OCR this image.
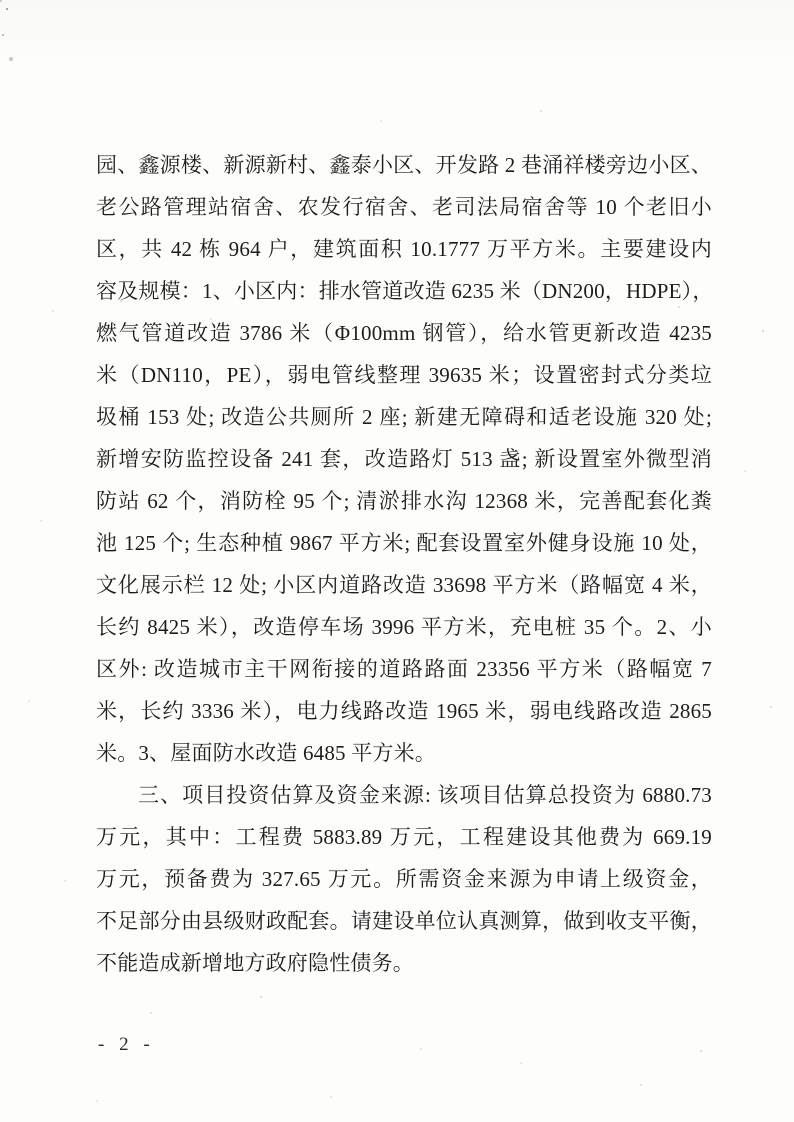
园、鑫源楼、新源新村、鑫泰小区、开发路 2 巷涌祥楼旁边小区、
老公路管理站宿舍、农发行宿舍、老司法局宿舍等 10 个老旧小
区，共 42 栋 964 户，建筑面积 10.1777 万平方米。主要建设内
容及规模：1、小区内：排水管道改造 6235 米（DN200，HDPE），
燃气管道改造 3786 米（Φ100mm 钢管），给水管更新改造 4235
米（DN110，PE），弱电管线整理 39635 米；设置密封式分类垃
圾桶 153 处; 改造公共厕所 2 座; 新建无障碍和适老设施 320 处;
新增安防监控设备 241 套，改造路灯 513 盏; 新设置室外微型消
防站 62 个，消防栓 95 个; 清淤排水沟 12368 米，完善配套化粪
池 125 个; 生态种植 9867 平方米; 配套设置室外健身设施 10 处，
文化展示栏 12 处; 小区内道路改造 33698 平方米（路幅宽 4 米，
长约 8425 米），改造停车场 3996 平方米，充电桩 35 个。2、小
区外: 改造城市主干网衔接的道路路面 23356 平方米（路幅宽 7
米，长约 3336 米），电力线路改造 1965 米，弱电线路改造 2865
米。3、屋面防水改造 6485 平方米。
三、项目投资估算及资金来源: 该项目估算总投资为 6880.73
万元，其中：工程费 5883.89 万元，工程建设其他费为 669.19
万元，预备费为 327.65 万元。所需资金来源为申请上级资金，
不足部分由县级财政配套。请建设单位认真测算，做到收支平衡，
不能造成新增地方政府隐性债务。
- 2 -
